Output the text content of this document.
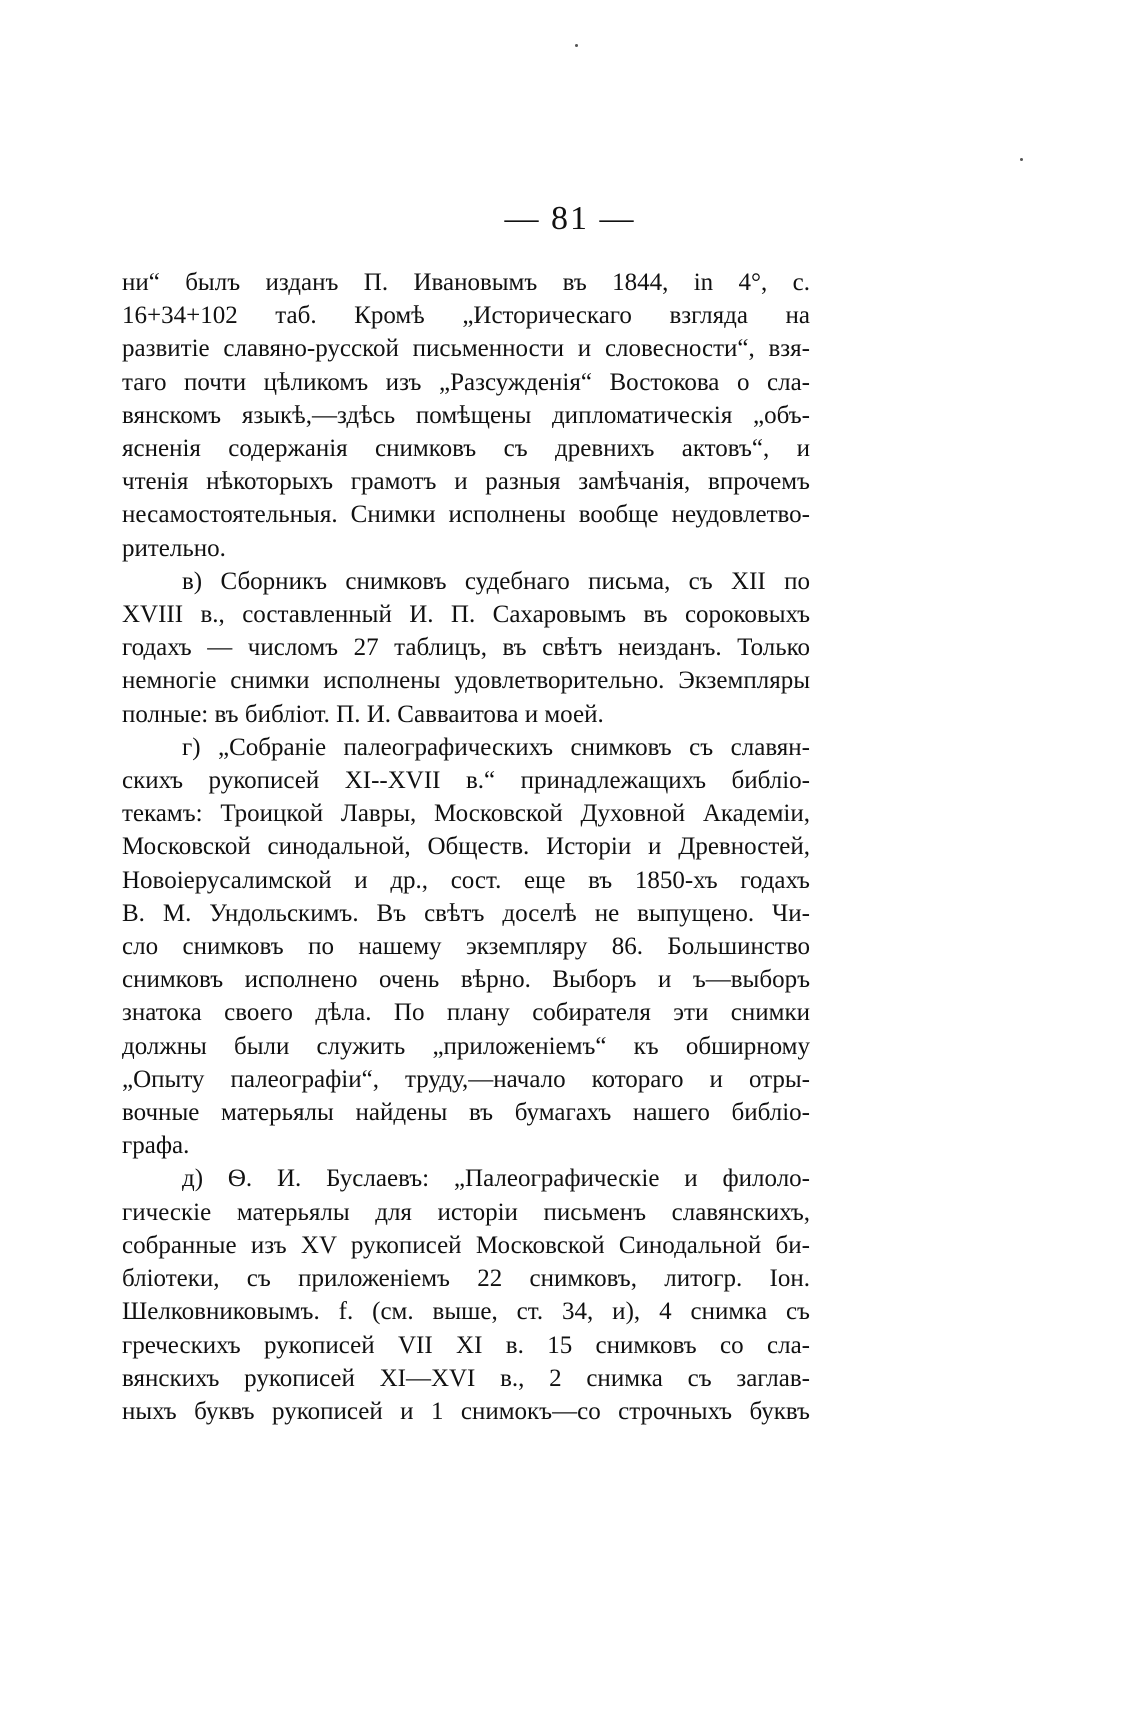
— 81 —
ни“ былъ изданъ П. Ивановымъ въ 1844, in 4°, с.
16+34+102 таб. Кромѣ „Историческаго взгляда на
развитіе славяно-русской письменности и словесности“, взя-
таго почти цѣликомъ изъ „Разсужденія“ Востокова о сла-
вянскомъ языкѣ,—здѣсь помѣщены дипломатическія „объ-
ясненія содержанія снимковъ съ древнихъ актовъ“, и
чтенія нѣкоторыхъ грамотъ и разныя замѣчанія, впрочемъ
несамостоятельныя. Снимки исполнены вообще неудовлетво-
рительно.
в) Сборникъ снимковъ судебнаго письма, съ XII по
XVIII в., составленный И. П. Сахаровымъ въ сороковыхъ
годахъ — числомъ 27 таблицъ, въ свѣтъ неизданъ. Только
немногіе снимки исполнены удовлетворительно. Экземпляры
полные: въ библіот. П. И. Савваитова и моей.
г) „Собраніе палеографическихъ снимковъ съ славян-
скихъ рукописей XI--XVII в.“ принадлежащихъ библіо-
текамъ: Троицкой Лавры, Московской Духовной Академіи,
Московской синодальной, Обществ. Исторіи и Древностей,
Новоіерусалимской и др., сост. еще въ 1850-хъ годахъ
В. М. Ундольскимъ. Въ свѣтъ доселѣ не выпущено. Чи-
сло снимковъ по нашему экземпляру 86. Большинство
снимковъ исполнено очень вѣрно. Выборъ и ъ—выборъ
знатока своего дѣла. По плану собирателя эти снимки
должны были служить „приложеніемъ“ къ обширному
„Опыту палеографіи“, труду,—начало котораго и отры-
вочные матерьялы найдены въ бумагахъ нашего библіо-
графа.
д) Ѳ. И. Буслаевъ: „Палеографическіе и филоло-
гическіе матерьялы для исторіи письменъ славянскихъ,
собранные изъ XV рукописей Московской Синодальной би-
бліотеки, съ приложеніемъ 22 снимковъ, литогр. Іон.
Шелковниковымъ. f. (см. выше, ст. 34, и), 4 снимка съ
греческихъ рукописей VII XI в. 15 снимковъ со сла-
вянскихъ рукописей XI—XVI в., 2 снимка съ заглав-
ныхъ буквъ рукописей и 1 снимокъ—со строчныхъ буквъ
